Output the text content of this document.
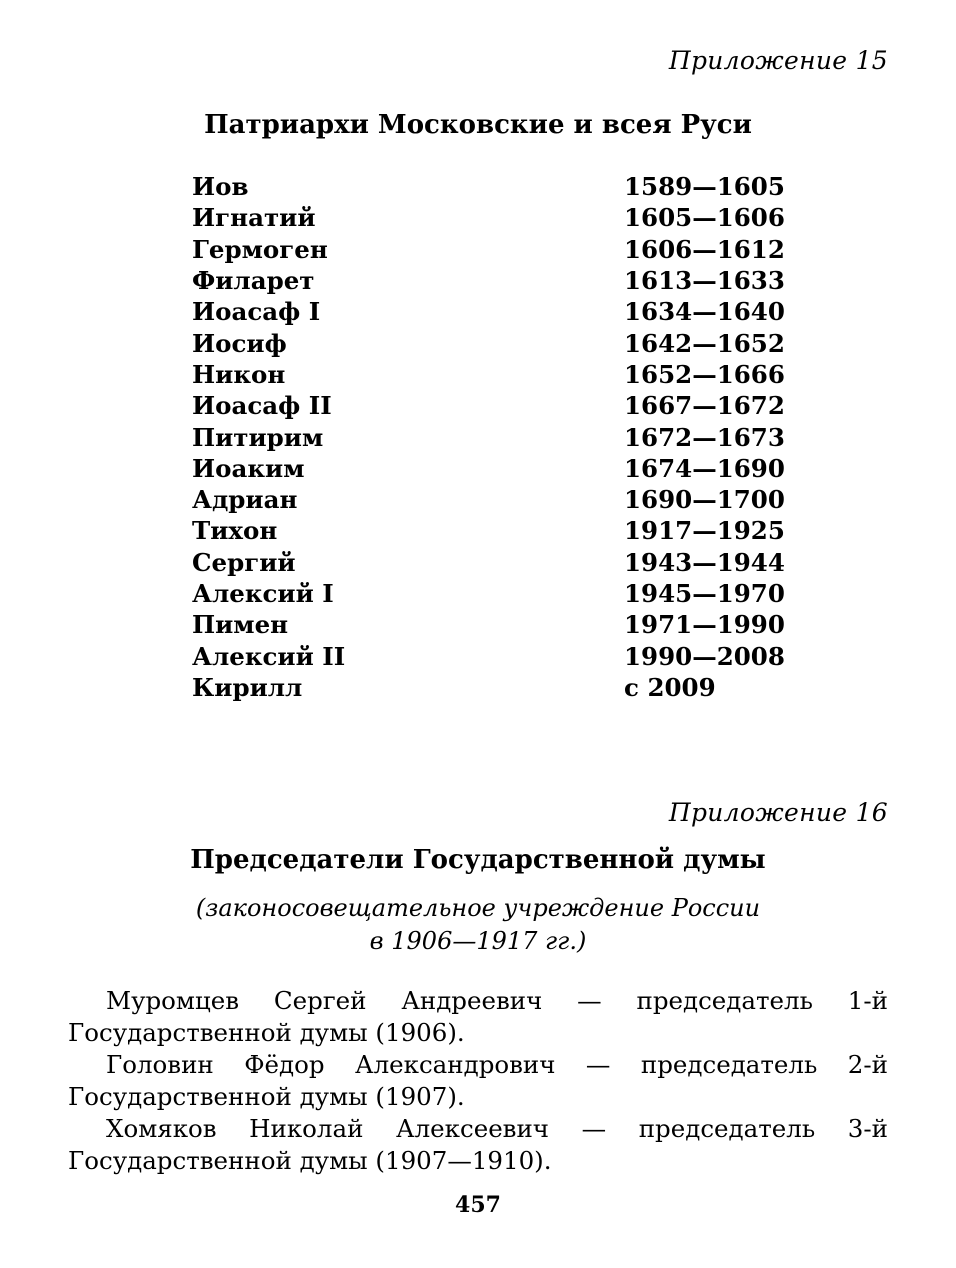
Приложение 15
Патриархи Московские и всея Руси
Иов	1589—1605
Игнатий	1605—1606
Гермоген	1606—1612
Филарет	1613—1633
Иоасаф I	1634—1640
Иосиф	1642—1652
Никон	1652—1666
Иоасаф II	1667—1672
Питирим	1672—1673
Иоаким	1674—1690
Адриан	1690—1700
Тихон	1917—1925
Сергий	1943—1944
Алексий I	1945—1970
Пимен	1971—1990
Алексий II	1990—2008
Кирилл	с 2009
Приложение 16
Председатели Государственной думы
(законосовещательное учреждение России
в 1906—1917 гг.)

Муромцев Сергей Андреевич — председатель 1-й Государственной думы (1906).

Головин Фёдор Александрович — председатель 2-й Государственной думы (1907).

Хомяков Николай Алексеевич — председатель 3-й Государственной думы (1907—1910).

457
